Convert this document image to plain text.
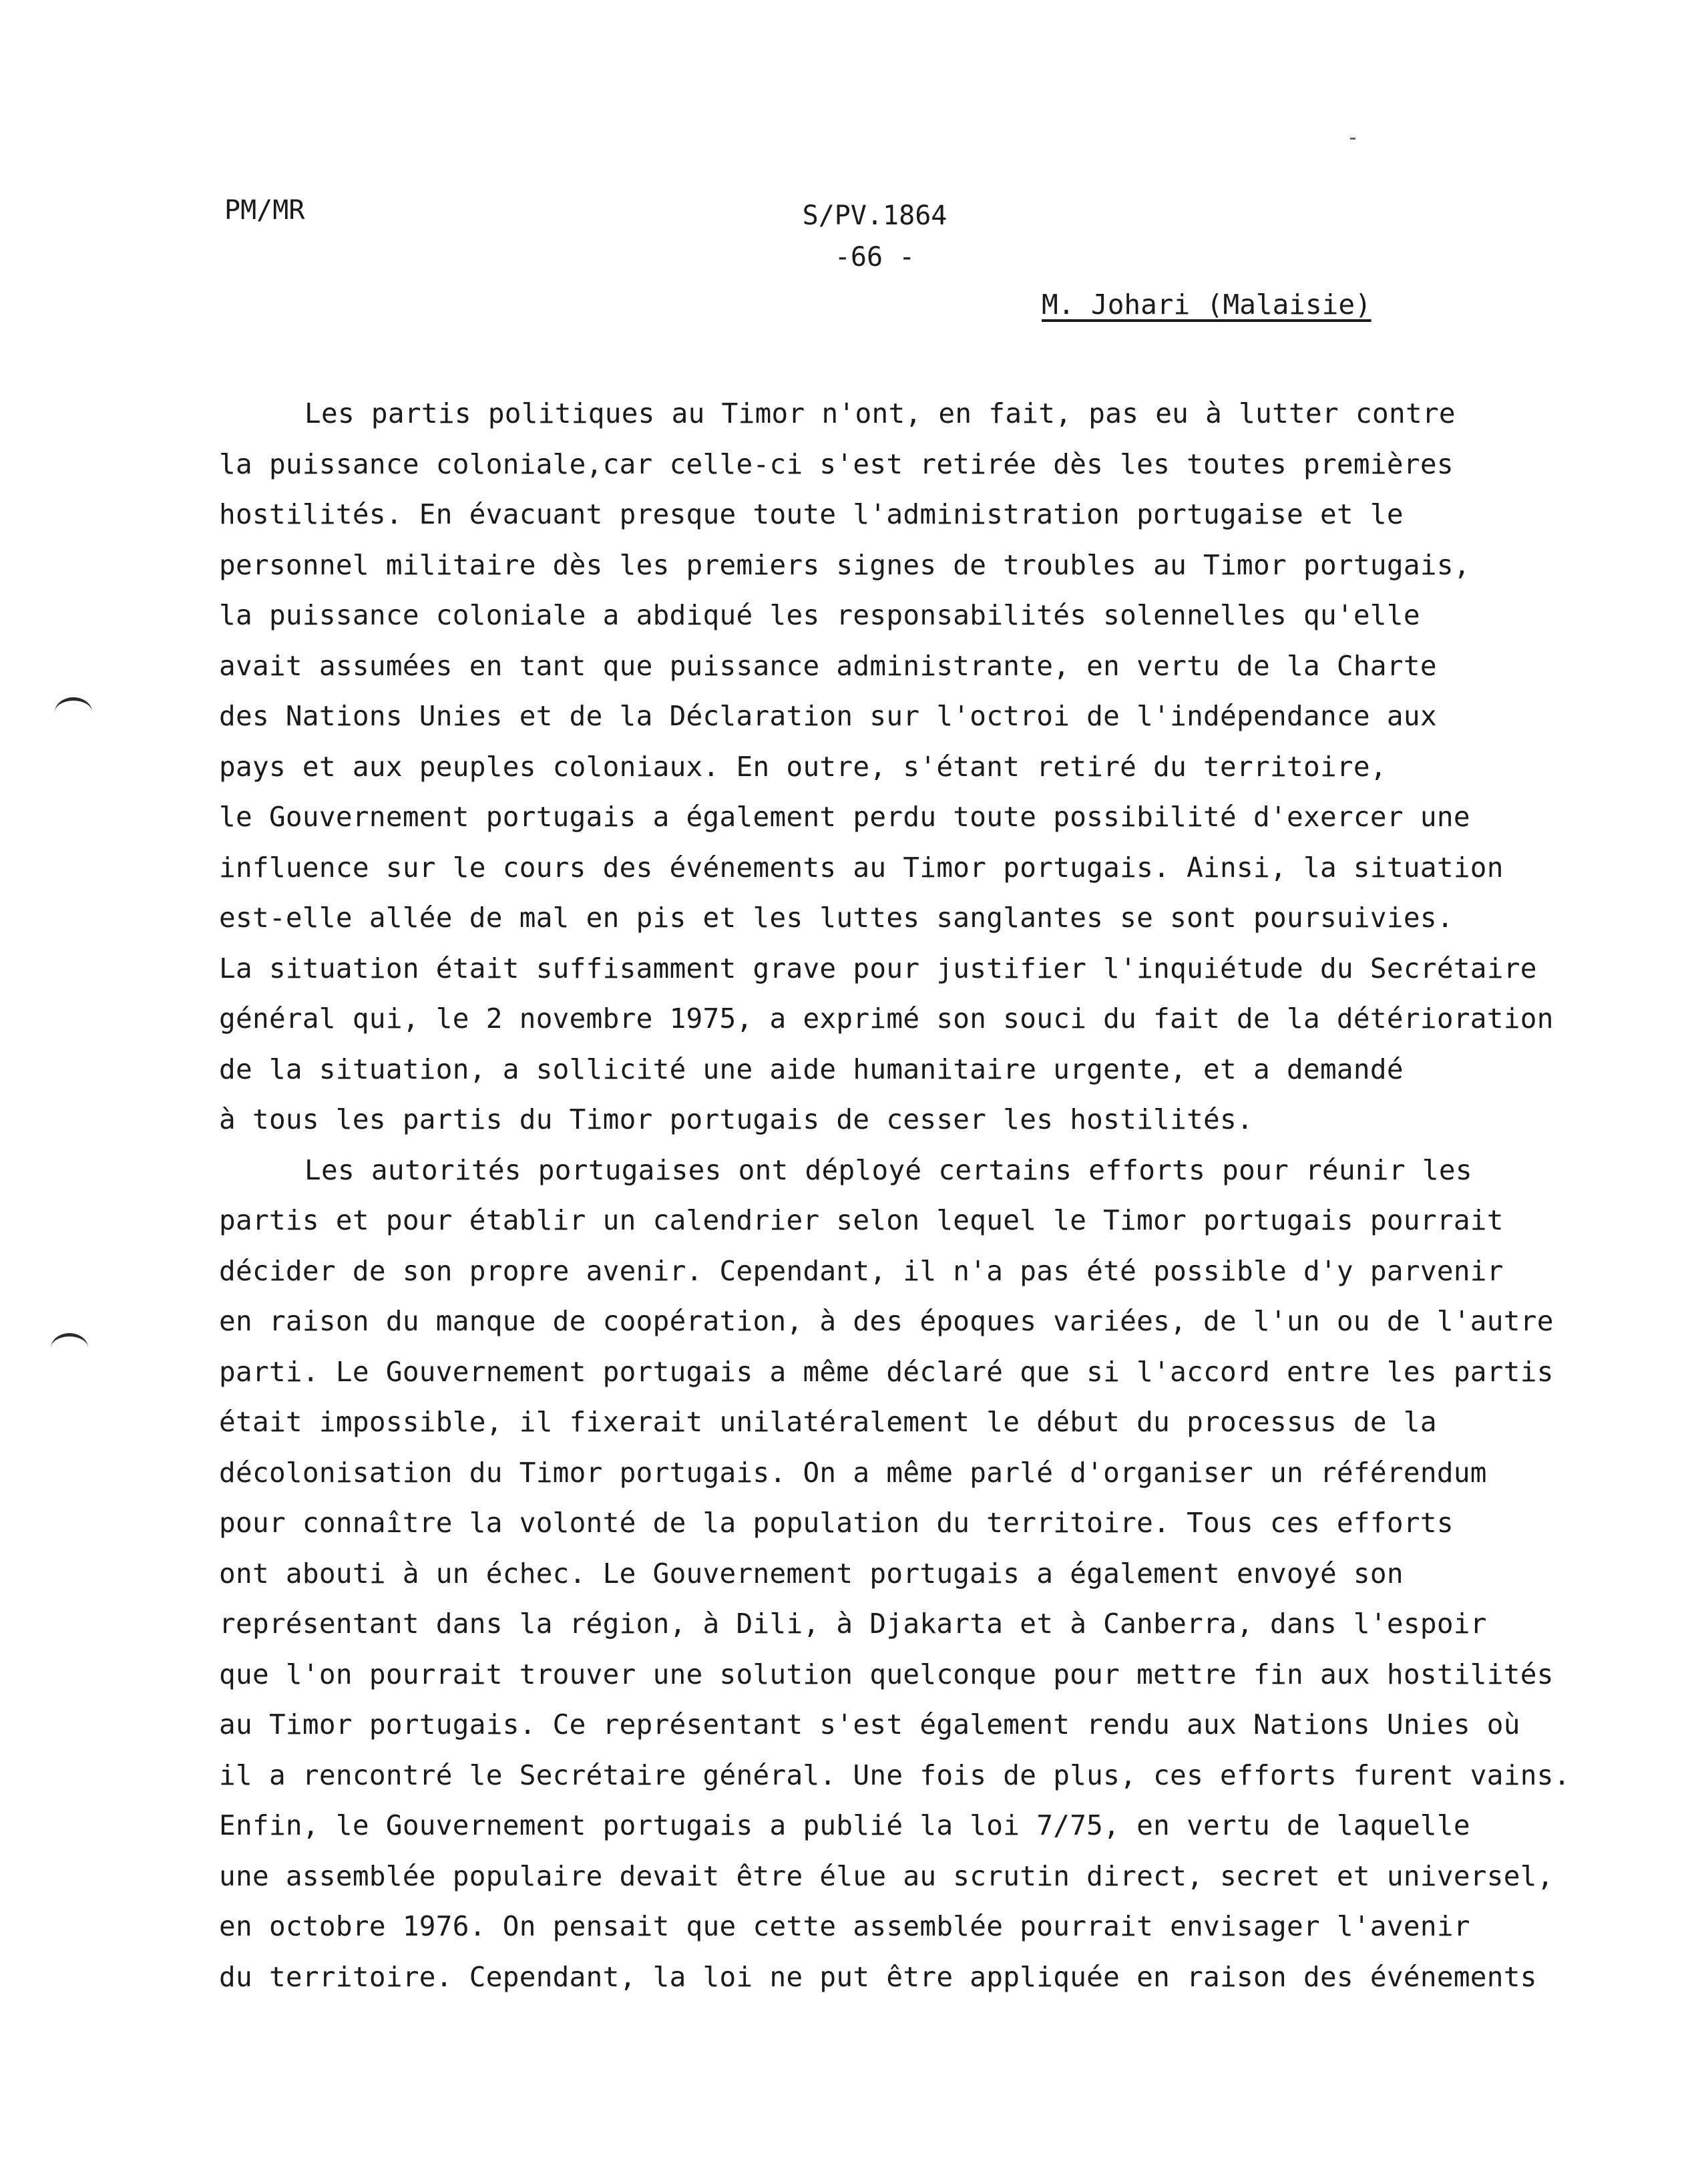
PM/MR	S/PV.1864
-66 -
M. Johari (Malaisie)
Les partis politiques au Timor n'ont, en fait, pas eu à lutter contre
la puissance coloniale,car celle-ci s'est retirée dès les toutes premières
hostilités. En évacuant presque toute l'administration portugaise et le
personnel militaire dès les premiers signes de troubles au Timor portugais,
la puissance coloniale a abdiqué les responsabilités solennelles qu'elle
avait assumées en tant que puissance administrante, en vertu de la Charte
des Nations Unies et de la Déclaration sur l'octroi de l'indépendance aux
pays et aux peuples coloniaux. En outre, s'étant retiré du territoire,
le Gouvernement portugais a également perdu toute possibilité d'exercer une
influence sur le cours des événements au Timor portugais. Ainsi, la situation
est-elle allée de mal en pis et les luttes sanglantes se sont poursuivies.
La situation était suffisamment grave pour justifier l'inquiétude du Secrétaire
général qui, le 2 novembre 1975, a exprimé son souci du fait de la détérioration
de la situation, a sollicité une aide humanitaire urgente, et a demandé
à tous les partis du Timor portugais de cesser les hostilités.
Les autorités portugaises ont déployé certains efforts pour réunir les
partis et pour établir un calendrier selon lequel le Timor portugais pourrait
décider de son propre avenir. Cependant, il n'a pas été possible d'y parvenir
en raison du manque de coopération, à des époques variées, de l'un ou de l'autre
parti. Le Gouvernement portugais a même déclaré que si l'accord entre les partis
était impossible, il fixerait unilatéralement le début du processus de la
décolonisation du Timor portugais. On a même parlé d'organiser un référendum
pour connaître la volonté de la population du territoire. Tous ces efforts
ont abouti à un échec. Le Gouvernement portugais a également envoyé son
représentant dans la région, à Dili, à Djakarta et à Canberra, dans l'espoir
que l'on pourrait trouver une solution quelconque pour mettre fin aux hostilités
au Timor portugais. Ce représentant s'est également rendu aux Nations Unies où
il a rencontré le Secrétaire général. Une fois de plus, ces efforts furent vains.
Enfin, le Gouvernement portugais a publié la loi 7/75, en vertu de laquelle
une assemblée populaire devait être élue au scrutin direct, secret et universel,
en octobre 1976. On pensait que cette assemblée pourrait envisager l'avenir
du territoire. Cependant, la loi ne put être appliquée en raison des événements
